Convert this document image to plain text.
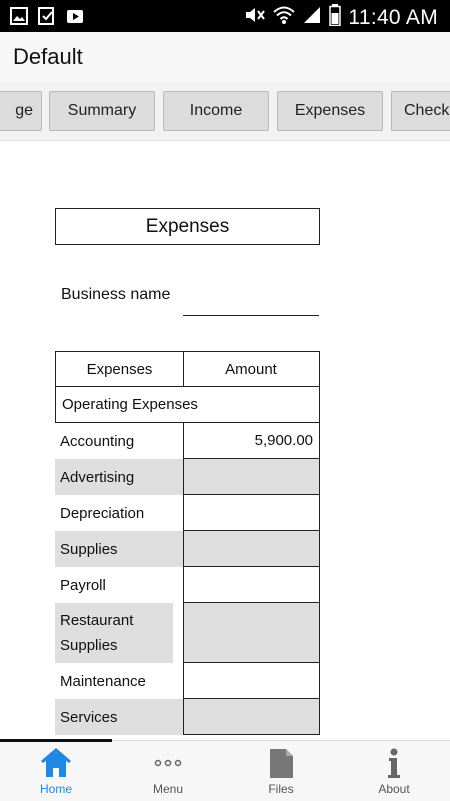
11:40 AM
Default
ge Summary	Income	Expenses Check
Expenses
Business name
Expenses	Amount
Operating Expenses
Accounting	5,900.00
Advertising
Depreciation
Supplies
Payroll
Restaurant Supplies
Maintenance
Services
Home	Menu	Files	About
